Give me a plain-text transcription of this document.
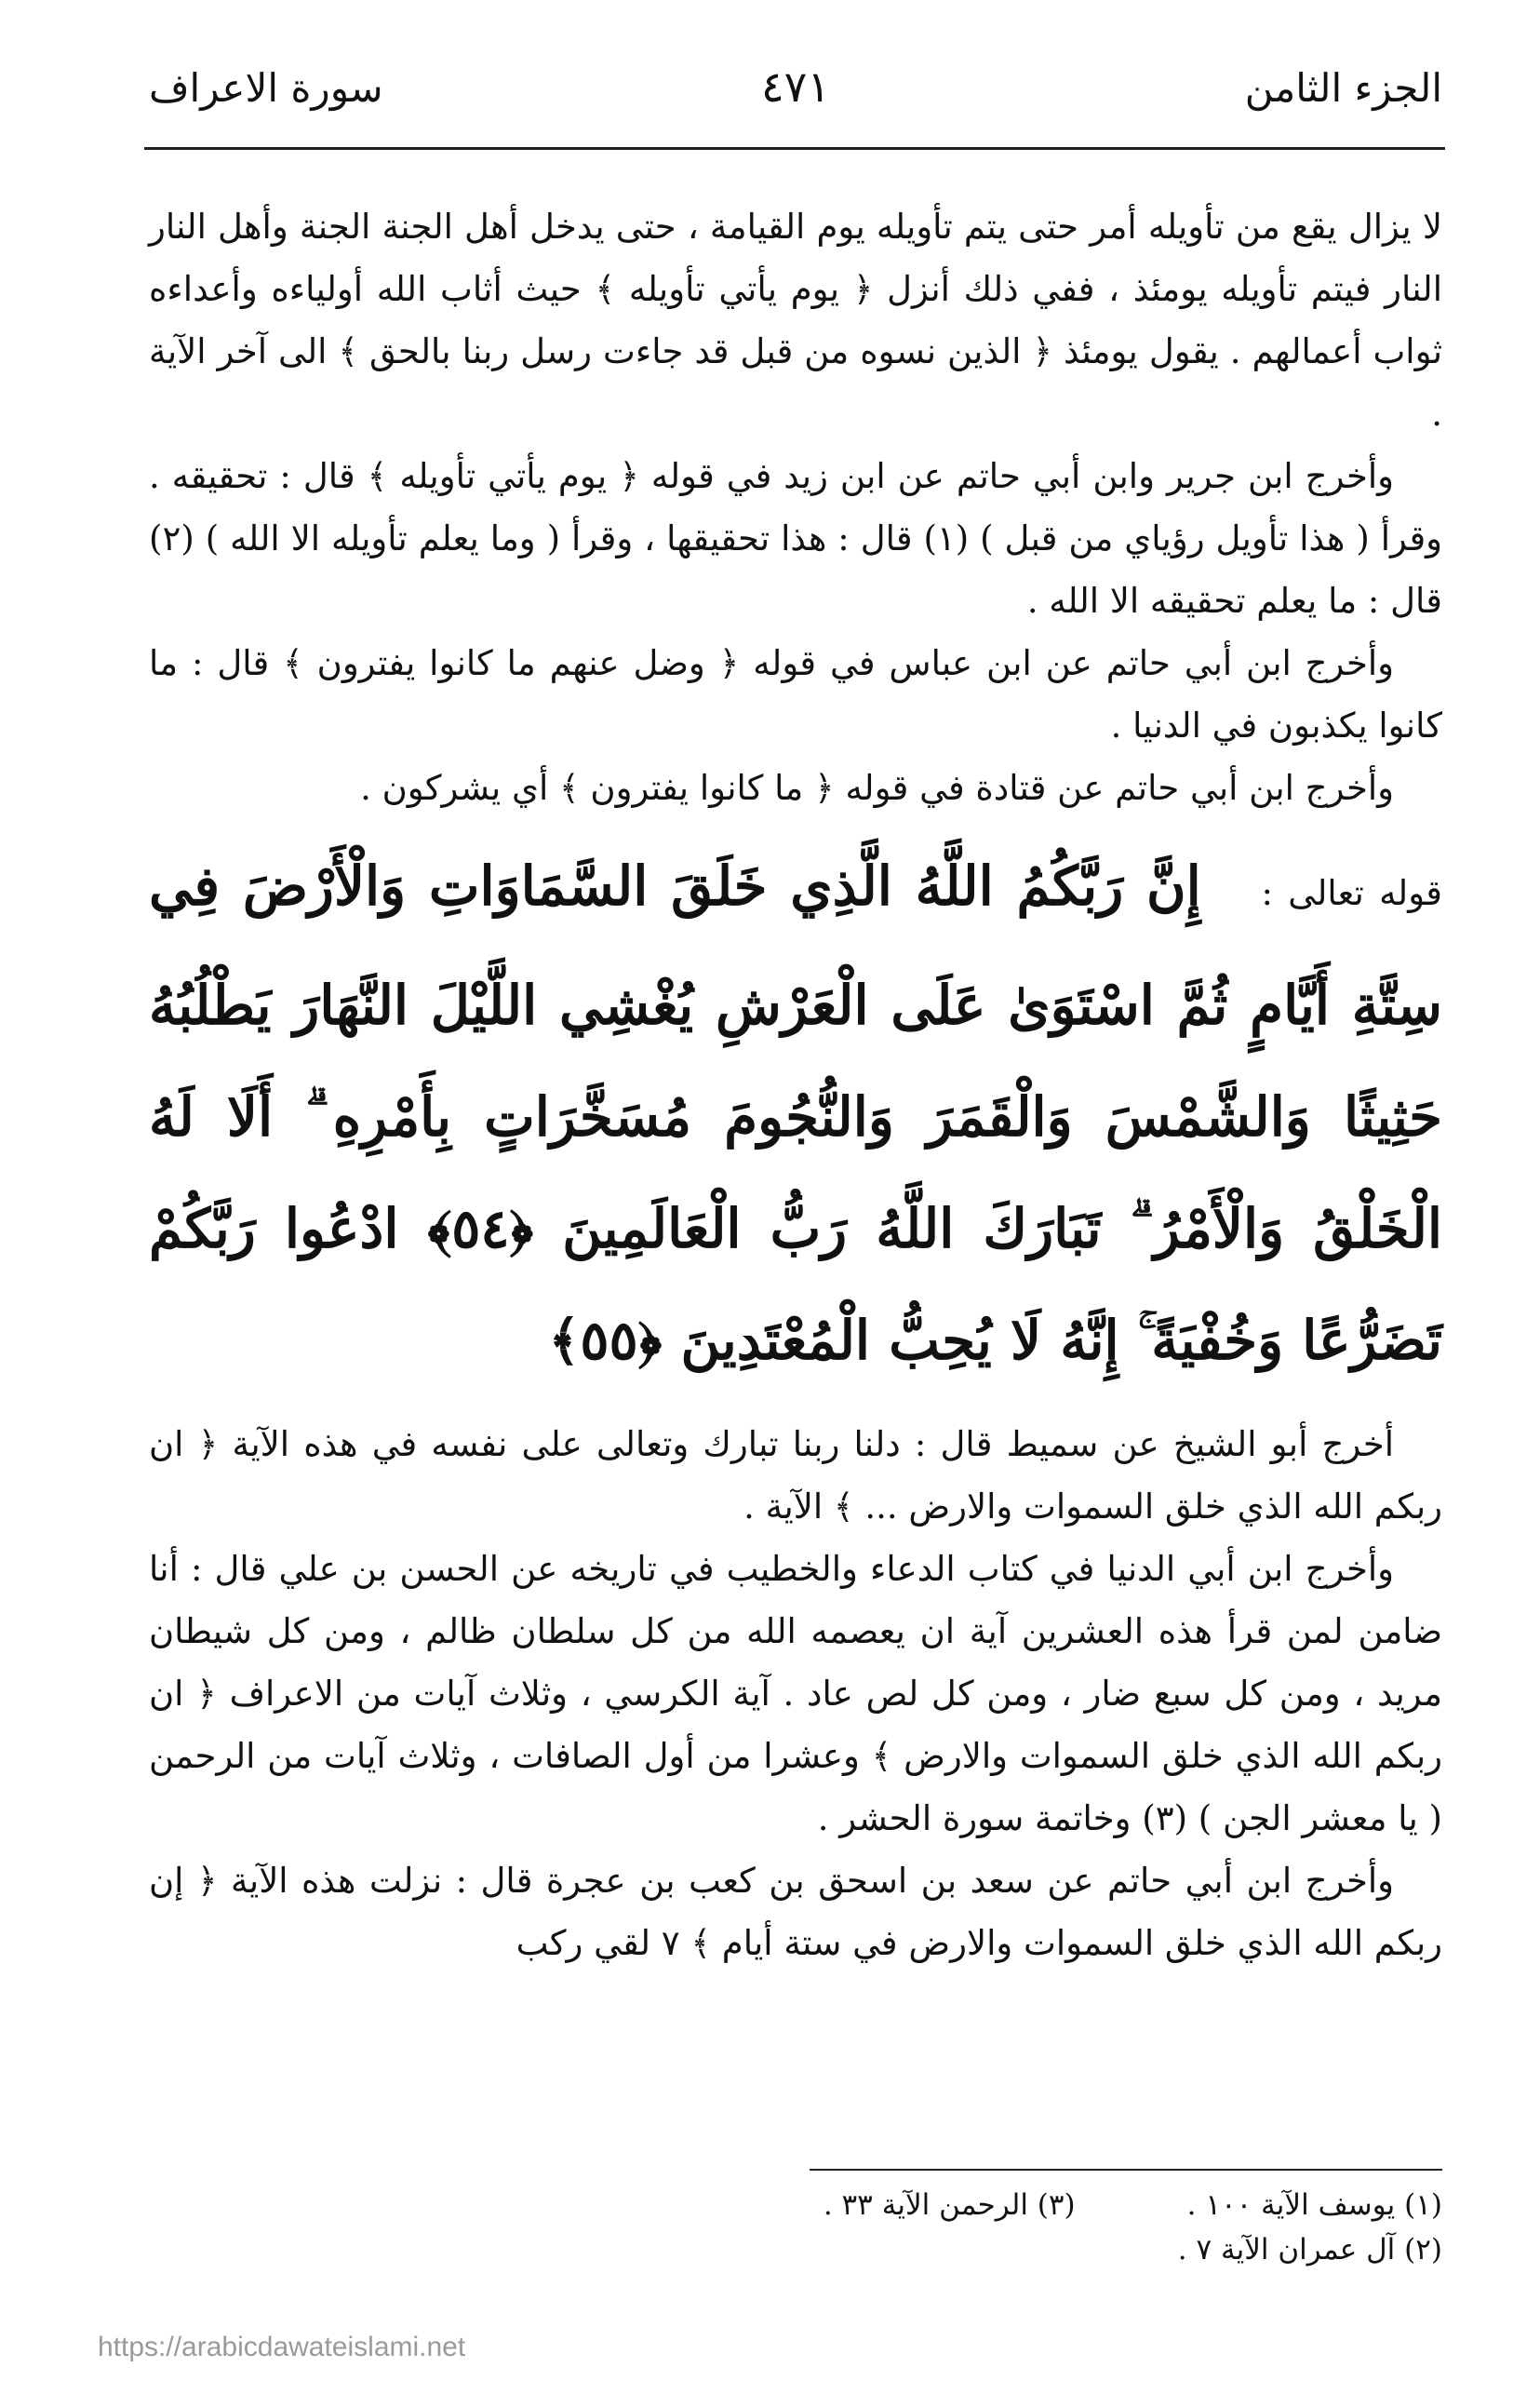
الجزء الثامن
٤٧١
سورة الاعراف

لا يزال يقع من تأويله أمر حتى يتم تأويله يوم القيامة ، حتى يدخل أهل الجنة الجنة وأهل النار النار فيتم تأويله يومئذ ، ففي ذلك أنزل ﴿ يوم يأتي تأويله ﴾ حيث أثاب الله أولياءه وأعداءه ثواب أعمالهم . يقول يومئذ ﴿ الذين نسوه من قبل قد جاءت رسل ربنا بالحق ﴾ الى آخر الآية .

وأخرج ابن جرير وابن أبي حاتم عن ابن زيد في قوله ﴿ يوم يأتي تأويله ﴾ قال : تحقيقه . وقرأ ( هذا تأويل رؤياي من قبل ) (١) قال : هذا تحقيقها ، وقرأ ( وما يعلم تأويله الا الله ) (٢) قال : ما يعلم تحقيقه الا الله .

وأخرج ابن أبي حاتم عن ابن عباس في قوله ﴿ وضل عنهم ما كانوا يفترون ﴾ قال : ما كانوا يكذبون في الدنيا .

وأخرج ابن أبي حاتم عن قتادة في قوله ﴿ ما كانوا يفترون ﴾ أي يشركون .

قوله تعالى : إِنَّ رَبَّكُمُ اللَّهُ الَّذِي خَلَقَ السَّمَاوَاتِ وَالْأَرْضَ فِي سِتَّةِ أَيَّامٍ ثُمَّ اسْتَوَىٰ عَلَى الْعَرْشِ يُغْشِي اللَّيْلَ النَّهَارَ يَطْلُبُهُ حَثِيثًا وَالشَّمْسَ وَالْقَمَرَ وَالنُّجُومَ مُسَخَّرَاتٍ بِأَمْرِهِ ۗ أَلَا لَهُ الْخَلْقُ وَالْأَمْرُ ۗ تَبَارَكَ اللَّهُ رَبُّ الْعَالَمِينَ ﴿٥٤﴾ ادْعُوا رَبَّكُمْ تَضَرُّعًا وَخُفْيَةً ۚ إِنَّهُ لَا يُحِبُّ الْمُعْتَدِينَ ﴿٥٥﴾

أخرج أبو الشيخ عن سميط قال : دلنا ربنا تبارك وتعالى على نفسه في هذه الآية ﴿ ان ربكم الله الذي خلق السموات والارض ... ﴾ الآية .

وأخرج ابن أبي الدنيا في كتاب الدعاء والخطيب في تاريخه عن الحسن بن علي قال : أنا ضامن لمن قرأ هذه العشرين آية ان يعصمه الله من كل سلطان ظالم ، ومن كل شيطان مريد ، ومن كل سبع ضار ، ومن كل لص عاد . آية الكرسي ، وثلاث آيات من الاعراف ﴿ ان ربكم الله الذي خلق السموات والارض ﴾ وعشرا من أول الصافات ، وثلاث آيات من الرحمن ( يا معشر الجن ) (٣) وخاتمة سورة الحشر .

وأخرج ابن أبي حاتم عن سعد بن اسحق بن كعب بن عجرة قال : نزلت هذه الآية ﴿ إن ربكم الله الذي خلق السموات والارض في ستة أيام ﴾ ٧ لقي ركب

(١) يوسف الآية ١٠٠ .
(٣) الرحمن الآية ٣٣ .
(٢) آل عمران الآية ٧ .
https://arabicdawateislami.net
